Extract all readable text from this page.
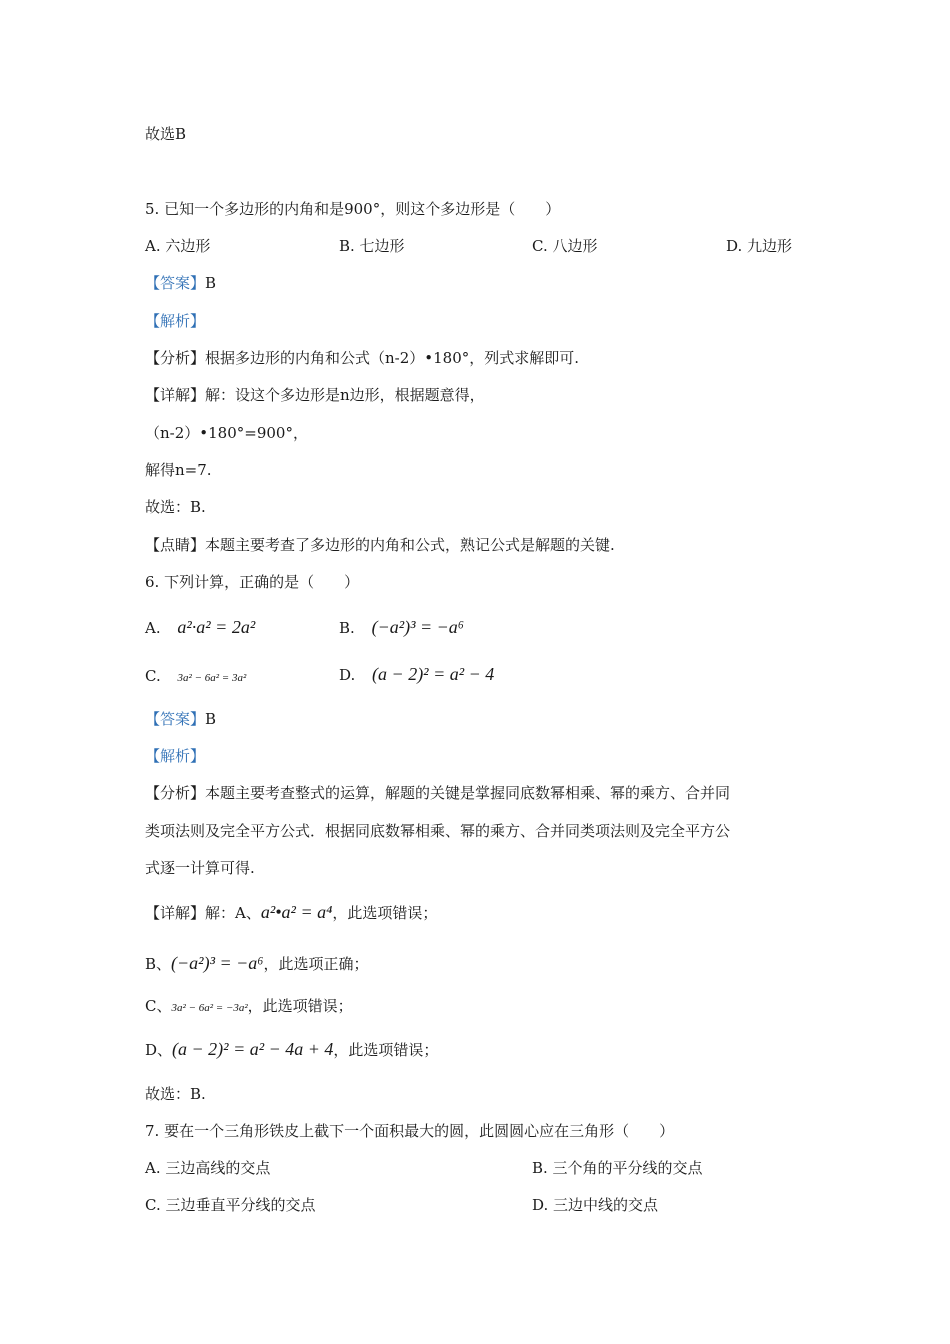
故选B
5. 已知一个多边形的内角和是900°，则这个多边形是（　　）
A. 六边形	B. 七边形	C. 八边形	D. 九边形
【答案】B
【解析】
【分析】根据多边形的内角和公式（n-2）•180°，列式求解即可.
【详解】解：设这个多边形是n边形，根据题意得，
（n-2）•180°=900°，
解得n=7.
故选：B.
【点睛】本题主要考查了多边形的内角和公式，熟记公式是解题的关键.
6. 下列计算，正确的是（　　）
A. a²·a² = 2a²	B. (−a²)³ = −a⁶
C. 3a² − 6a² = 3a²	D. (a − 2)² = a² − 4
【答案】B
【解析】
【分析】本题主要考查整式的运算，解题的关键是掌握同底数幂相乘、幂的乘方、合并同
类项法则及完全平方公式．根据同底数幂相乘、幂的乘方、合并同类项法则及完全平方公
式逐一计算可得.
【详解】解：A、a²•a² = a⁴，此选项错误；
B、(−a²)³ = −a⁶，此选项正确；
C、3a² − 6a² = −3a²，此选项错误；
D、(a − 2)² = a² − 4a + 4，此选项错误；
故选：B.
7. 要在一个三角形铁皮上截下一个面积最大的圆，此圆圆心应在三角形（　　）
A. 三边高线的交点	B. 三个角的平分线的交点
C. 三边垂直平分线的交点	D. 三边中线的交点
